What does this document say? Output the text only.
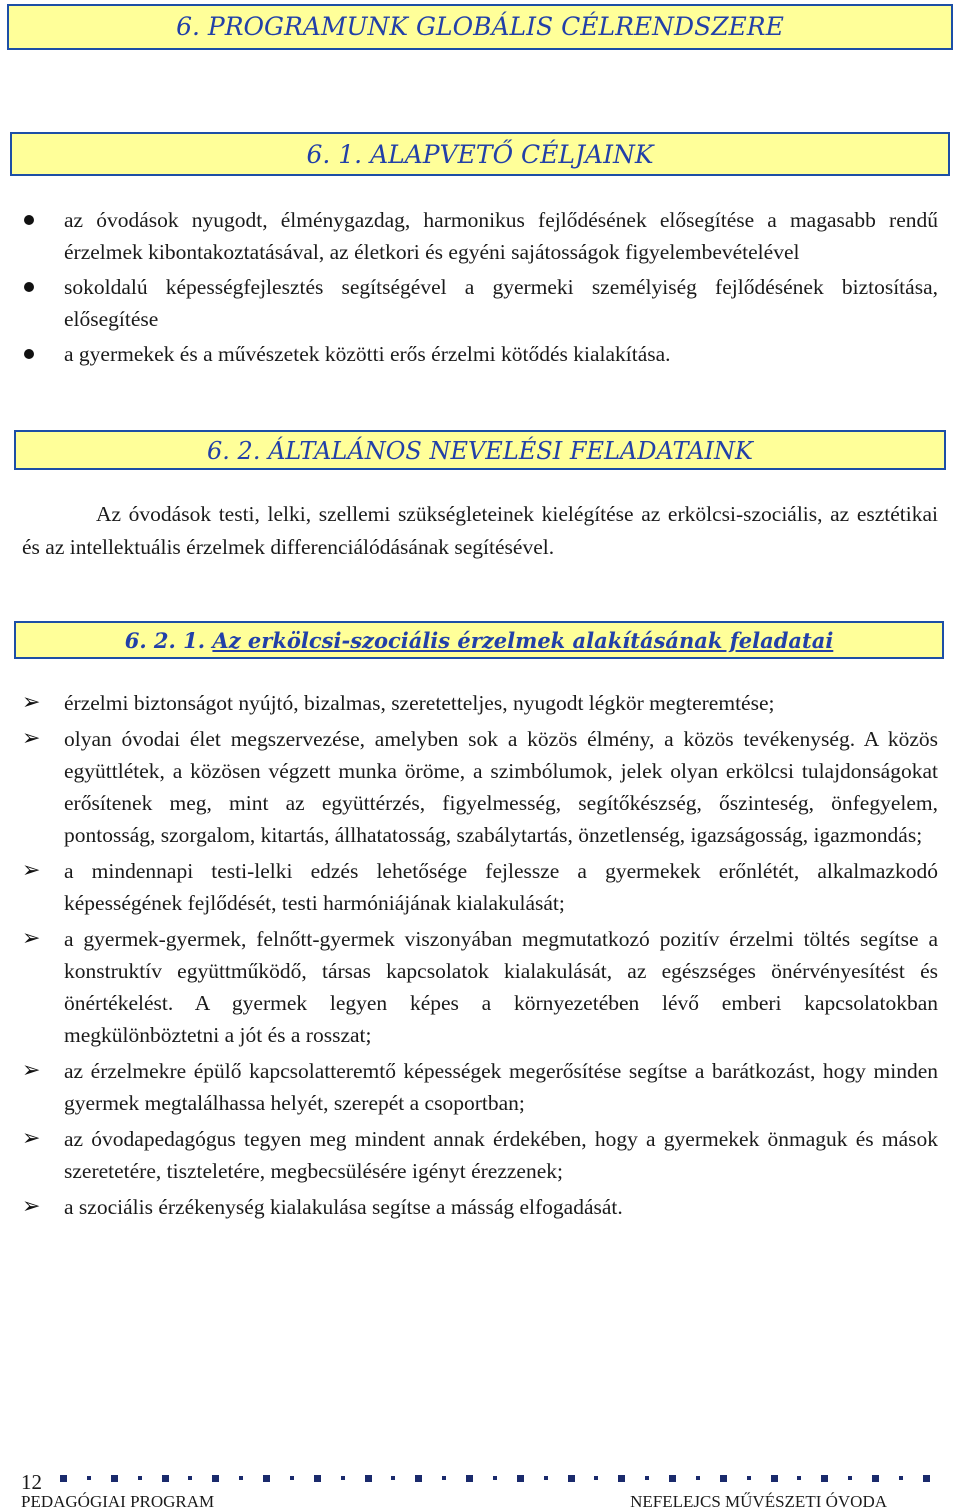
6. PROGRAMUNK GLOBÁLIS CÉLRENDSZERE
6. 1. ALAPVETŐ CÉLJAINK
az óvodások nyugodt, élménygazdag, harmonikus fejlődésének elősegítése a magasabb rendű érzelmek kibontakoztatásával, az életkori és egyéni sajátosságok figyelembevételével
sokoldalú képességfejlesztés segítségével a gyermeki személyiség fejlődésének biztosítása, elősegítése
a gyermekek és a művészetek közötti erős érzelmi kötődés kialakítása.
6. 2. ÁLTALÁNOS NEVELÉSI FELADATAINK

Az óvodások testi, lelki, szellemi szükségleteinek kielégítése az erkölcsi-szociális, az esztétikai és az intellektuális érzelmek differenciálódásának segítésével.

6. 2. 1. Az erkölcsi-szociális érzelmek alakításának feladatai
➢ érzelmi biztonságot nyújtó, bizalmas, szeretetteljes, nyugodt légkör megteremtése;
➢ olyan óvodai élet megszervezése, amelyben sok a közös élmény, a közös tevékenység. A közös együttlétek, a közösen végzett munka öröme, a szimbólumok, jelek olyan erkölcsi tulajdonságokat erősítenek meg, mint az együttérzés, figyelmesség, segítőkészség, őszinteség, önfegyelem, pontosság, szorgalom, kitartás, állhatatosság, szabálytartás, önzetlenség, igazságosság, igazmondás;
➢ a mindennapi testi-lelki edzés lehetősége fejlessze a gyermekek erőnlétét, alkalmazkodó képességének fejlődését, testi harmóniájának kialakulását;
➢ a gyermek-gyermek, felnőtt-gyermek viszonyában megmutatkozó pozitív érzelmi töltés segítse a konstruktív együttműködő, társas kapcsolatok kialakulását, az egészséges önérvényesítést és önértékelést. A gyermek legyen képes a környezetében lévő emberi kapcsolatokban megkülönböztetni a jót és a rosszat;
➢ az érzelmekre épülő kapcsolatteremtő képességek megerősítése segítse a barátkozást, hogy minden gyermek megtalálhassa helyét, szerepét a csoportban;
➢ az óvodapedagógus tegyen meg mindent annak érdekében, hogy a gyermekek önmaguk és mások szeretetére, tiszteletére, megbecsülésére igényt érezzenek;
➢ a szociális érzékenység kialakulása segítse a másság elfogadását.
12
PEDAGÓGIAI PROGRAM	NEFELEJCS MŰVÉSZETI ÓVODA
